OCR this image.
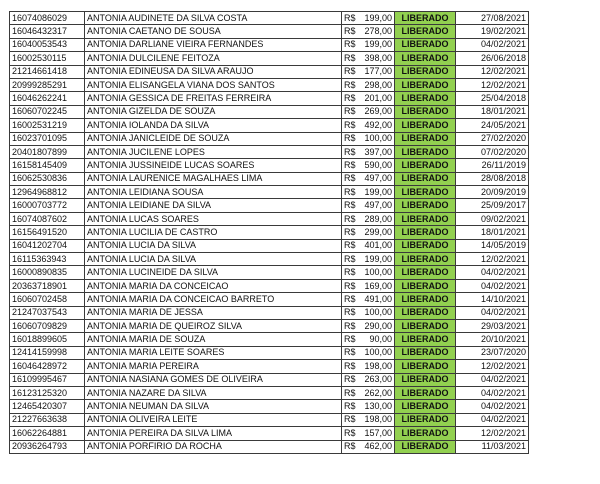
16074086029	ANTONIA AUDINETE DA SILVA COSTA	R$	199,00	LIBERADO	27/08/2021
16046432317	ANTONIA CAETANO DE SOUSA	R$	278,00	LIBERADO	19/02/2021
16040053543	ANTONIA DARLIANE VIEIRA FERNANDES	R$	199,00	LIBERADO	04/02/2021
16002530115	ANTONIA DULCILENE FEITOZA	R$	398,00	LIBERADO	26/06/2018
21214661418	ANTONIA EDINEUSA DA SILVA ARAUJO	R$	177,00	LIBERADO	12/02/2021
20999285291	ANTONIA ELISANGELA VIANA DOS SANTOS	R$	298,00	LIBERADO	12/02/2021
16046262241	ANTONIA GESSICA DE FREITAS FERREIRA	R$	201,00	LIBERADO	25/04/2018
16060702245	ANTONIA GIZELDA DE SOUZA	R$	269,00	LIBERADO	18/01/2021
16002531219	ANTONIA IOLANDA DA SILVA	R$	492,00	LIBERADO	24/05/2021
16023701095	ANTONIA JANICLEIDE DE SOUZA	R$	100,00	LIBERADO	27/02/2020
20401807899	ANTONIA JUCILENE LOPES	R$	397,00	LIBERADO	07/02/2020
16158145409	ANTONIA JUSSINEIDE LUCAS SOARES	R$	590,00	LIBERADO	26/11/2019
16062530836	ANTONIA LAURENICE MAGALHAES LIMA	R$	497,00	LIBERADO	28/08/2018
12964968812	ANTONIA LEIDIANA SOUSA	R$	199,00	LIBERADO	20/09/2019
16000703772	ANTONIA LEIDIANE DA SILVA	R$	497,00	LIBERADO	25/09/2017
16074087602	ANTONIA LUCAS SOARES	R$	289,00	LIBERADO	09/02/2021
16156491520	ANTONIA LUCILIA DE CASTRO	R$	299,00	LIBERADO	18/01/2021
16041202704	ANTONIA LUCIA DA SILVA	R$	401,00	LIBERADO	14/05/2019
16115363943	ANTONIA LUCIA DA SILVA	R$	199,00	LIBERADO	12/02/2021
16000890835	ANTONIA LUCINEIDE DA SILVA	R$	100,00	LIBERADO	04/02/2021
20363718901	ANTONIA MARIA DA CONCEICAO	R$	169,00	LIBERADO	04/02/2021
16060702458	ANTONIA MARIA DA CONCEICAO BARRETO	R$	491,00	LIBERADO	14/10/2021
21247037543	ANTONIA MARIA DE JESSA	R$	100,00	LIBERADO	04/02/2021
16060709829	ANTONIA MARIA DE QUEIROZ SILVA	R$	290,00	LIBERADO	29/03/2021
16018899605	ANTONIA MARIA DE SOUZA	R$	90,00	LIBERADO	20/10/2021
12414159998	ANTONIA MARIA LEITE SOARES	R$	100,00	LIBERADO	23/07/2020
16046428972	ANTONIA MARIA PEREIRA	R$	198,00	LIBERADO	12/02/2021
16109995467	ANTONIA NASIANA GOMES DE OLIVEIRA	R$	263,00	LIBERADO	04/02/2021
16123125320	ANTONIA NAZARE DA SILVA	R$	262,00	LIBERADO	04/02/2021
12465420307	ANTONIA NEUMAN DA SILVA	R$	130,00	LIBERADO	04/02/2021
21227663638	ANTONIA OLIVEIRA LEITE	R$	198,00	LIBERADO	04/02/2021
16062264881	ANTONIA PEREIRA DA SILVA LIMA	R$	157,00	LIBERADO	12/02/2021
20936264793	ANTONIA PORFIRIO DA ROCHA	R$	462,00	LIBERADO	11/03/2021
